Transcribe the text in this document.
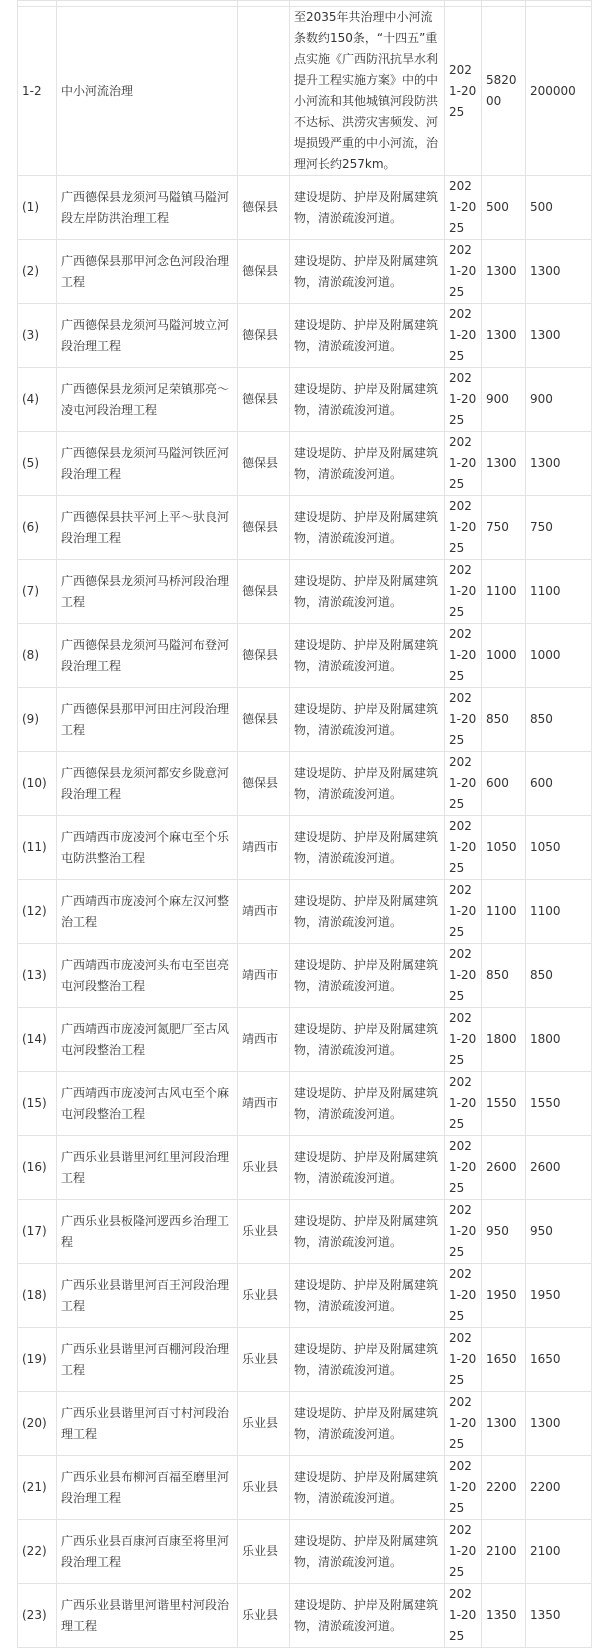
1-2	中小河流治理		至2035年共治理中小河流条数约150条，“十四五”重点实施《广西防汛抗旱水利提升工程实施方案》中的中小河流和其他城镇河段防洪不达标、洪涝灾害频发、河堤损毁严重的中小河流，治理河长约257km。	2021-2025	582000	200000
(1)	广西德保县龙须河马隘镇马隘河段左岸防洪治理工程	德保县	建设堤防、护岸及附属建筑物，清淤疏浚河道。	2021-2025	500	500
(2)	广西德保县那甲河念色河段治理工程	德保县	建设堤防、护岸及附属建筑物，清淤疏浚河道。	2021-2025	1300	1300
(3)	广西德保县龙须河马隘河坡立河段治理工程	德保县	建设堤防、护岸及附属建筑物，清淤疏浚河道。	2021-2025	1300	1300
(4)	广西德保县龙须河足荣镇那亮～凌屯河段治理工程	德保县	建设堤防、护岸及附属建筑物，清淤疏浚河道。	2021-2025	900	900
(5)	广西德保县龙须河马隘河铁匠河段治理工程	德保县	建设堤防、护岸及附属建筑物，清淤疏浚河道。	2021-2025	1300	1300
(6)	广西德保县扶平河上平～驮良河段治理工程	德保县	建设堤防、护岸及附属建筑物，清淤疏浚河道。	2021-2025	750	750
(7)	广西德保县龙须河马桥河段治理工程	德保县	建设堤防、护岸及附属建筑物，清淤疏浚河道。	2021-2025	1100	1100
(8)	广西德保县龙须河马隘河布登河段治理工程	德保县	建设堤防、护岸及附属建筑物，清淤疏浚河道。	2021-2025	1000	1000
(9)	广西德保县那甲河田庄河段治理工程	德保县	建设堤防、护岸及附属建筑物，清淤疏浚河道。	2021-2025	850	850
(10)	广西德保县龙须河都安乡陇意河段治理工程	德保县	建设堤防、护岸及附属建筑物，清淤疏浚河道。	2021-2025	600	600
(11)	广西靖西市庞凌河个麻屯至个乐屯防洪整治工程	靖西市	建设堤防、护岸及附属建筑物，清淤疏浚河道。	2021-2025	1050	1050
(12)	广西靖西市庞凌河个麻左汉河整治工程	靖西市	建设堤防、护岸及附属建筑物，清淤疏浚河道。	2021-2025	1100	1100
(13)	广西靖西市庞凌河头布屯至岜亮屯河段整治工程	靖西市	建设堤防、护岸及附属建筑物，清淤疏浚河道。	2021-2025	850	850
(14)	广西靖西市庞凌河氮肥厂至古风屯河段整治工程	靖西市	建设堤防、护岸及附属建筑物，清淤疏浚河道。	2021-2025	1800	1800
(15)	广西靖西市庞凌河古风屯至个麻屯河段整治工程	靖西市	建设堤防、护岸及附属建筑物，清淤疏浚河道。	2021-2025	1550	1550
(16)	广西乐业县谐里河红里河段治理工程	乐业县	建设堤防、护岸及附属建筑物，清淤疏浚河道。	2021-2025	2600	2600
(17)	广西乐业县板隆河逻西乡治理工程	乐业县	建设堤防、护岸及附属建筑物，清淤疏浚河道。	2021-2025	950	950
(18)	广西乐业县谐里河百王河段治理工程	乐业县	建设堤防、护岸及附属建筑物，清淤疏浚河道。	2021-2025	1950	1950
(19)	广西乐业县谐里河百棚河段治理工程	乐业县	建设堤防、护岸及附属建筑物，清淤疏浚河道。	2021-2025	1650	1650
(20)	广西乐业县谐里河百寸村河段治理工程	乐业县	建设堤防、护岸及附属建筑物，清淤疏浚河道。	2021-2025	1300	1300
(21)	广西乐业县布柳河百福至磨里河段治理工程	乐业县	建设堤防、护岸及附属建筑物，清淤疏浚河道。	2021-2025	2200	2200
(22)	广西乐业县百康河百康至将里河段治理工程	乐业县	建设堤防、护岸及附属建筑物，清淤疏浚河道。	2021-2025	2100	2100
(23)	广西乐业县谐里河谐里村河段治理工程	乐业县	建设堤防、护岸及附属建筑物，清淤疏浚河道。	2021-2025	1350	1350
